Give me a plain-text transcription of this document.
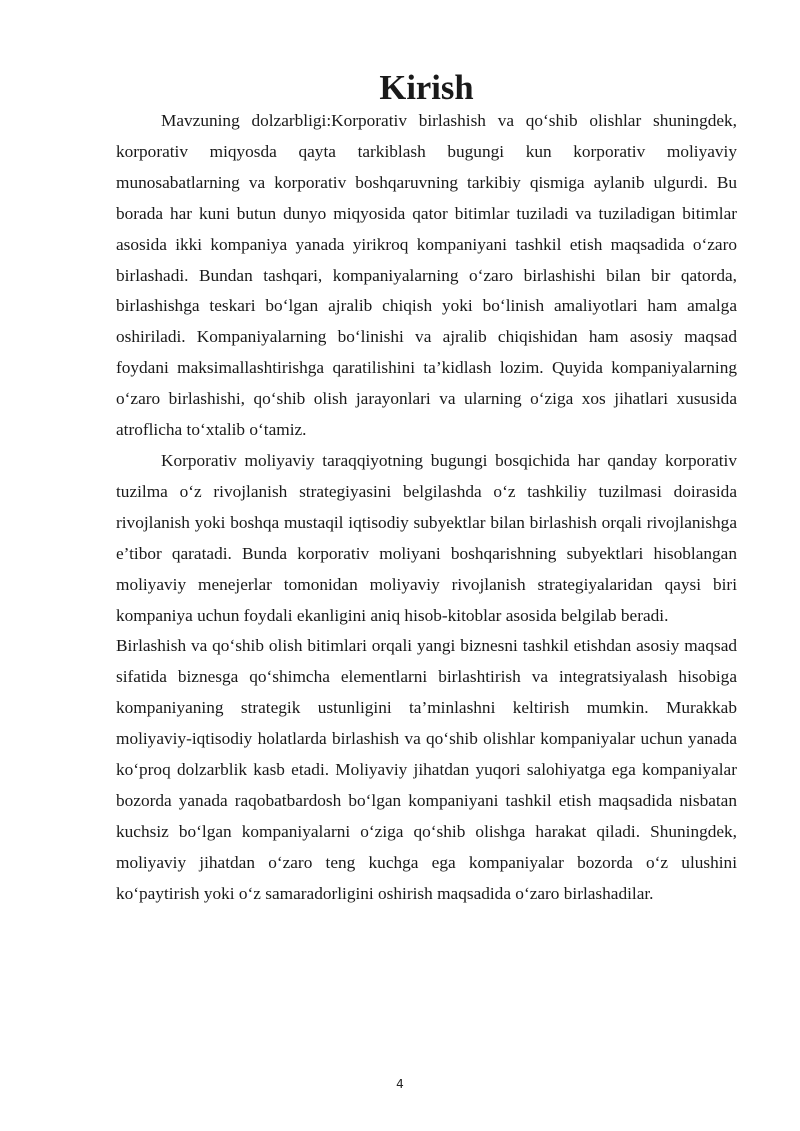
Kirish

Mavzuning dolzarbligi:Korporativ birlashish va qo‘shib olishlar shuningdek, korporativ miqyosda qayta tarkiblash bugungi kun korporativ moliyaviy munosabatlarning va korporativ boshqaruvning tarkibiy qismiga aylanib ulgurdi. Bu borada har kuni butun dunyo miqyosida qator bitimlar tuziladi va tuziladigan bitimlar asosida ikki kompaniya yanada yirikroq kompaniyani tashkil etish maqsadida o‘zaro birlashadi. Bundan tashqari, kompaniyalarning o‘zaro birlashishi bilan bir qatorda, birlashishga teskari bo‘lgan ajralib chiqish yoki bo‘linish amaliyotlari ham amalga oshiriladi. Kompaniyalarning bo‘linishi va ajralib chiqishidan ham asosiy maqsad foydani maksimallashtirishga qaratilishini ta’kidlash lozim. Quyida kompaniyalarning o‘zaro birlashishi, qo‘shib olish jarayonlari va ularning o‘ziga xos jihatlari xususida atroflicha to‘xtalib o‘tamiz.

Korporativ moliyaviy taraqqiyotning bugungi bosqichida har qanday korporativ tuzilma o‘z rivojlanish strategiyasini belgilashda o‘z tashkiliy tuzilmasi doirasida rivojlanish yoki boshqa mustaqil iqtisodiy subyektlar bilan birlashish orqali rivojlanishga e’tibor qaratadi. Bunda korporativ moliyani boshqarishning subyektlari hisoblangan moliyaviy menejerlar tomonidan moliyaviy rivojlanish strategiyalaridan qaysi biri kompaniya uchun foydali ekanligini aniq hisob-kitoblar asosida belgilab beradi.

Birlashish va qo‘shib olish bitimlari orqali yangi biznesni tashkil etishdan asosiy maqsad sifatida biznesga qo‘shimcha elementlarni birlashtirish va integratsiyalash hisobiga kompaniyaning strategik ustunligini ta’minlashni keltirish mumkin. Murakkab moliyaviy-iqtisodiy holatlarda birlashish va qo‘shib olishlar kompaniyalar uchun yanada ko‘proq dolzarblik kasb etadi. Moliyaviy jihatdan yuqori salohiyatga ega kompaniyalar bozorda yanada raqobatbardosh bo‘lgan kompaniyani tashkil etish maqsadida nisbatan kuchsiz bo‘lgan kompaniyalarni o‘ziga qo‘shib olishga harakat qiladi. Shuningdek, moliyaviy jihatdan o‘zaro teng kuchga ega kompaniyalar bozorda o‘z ulushini ko‘paytirish yoki o‘z samaradorligini oshirish maqsadida o‘zaro birlashadilar.

4
